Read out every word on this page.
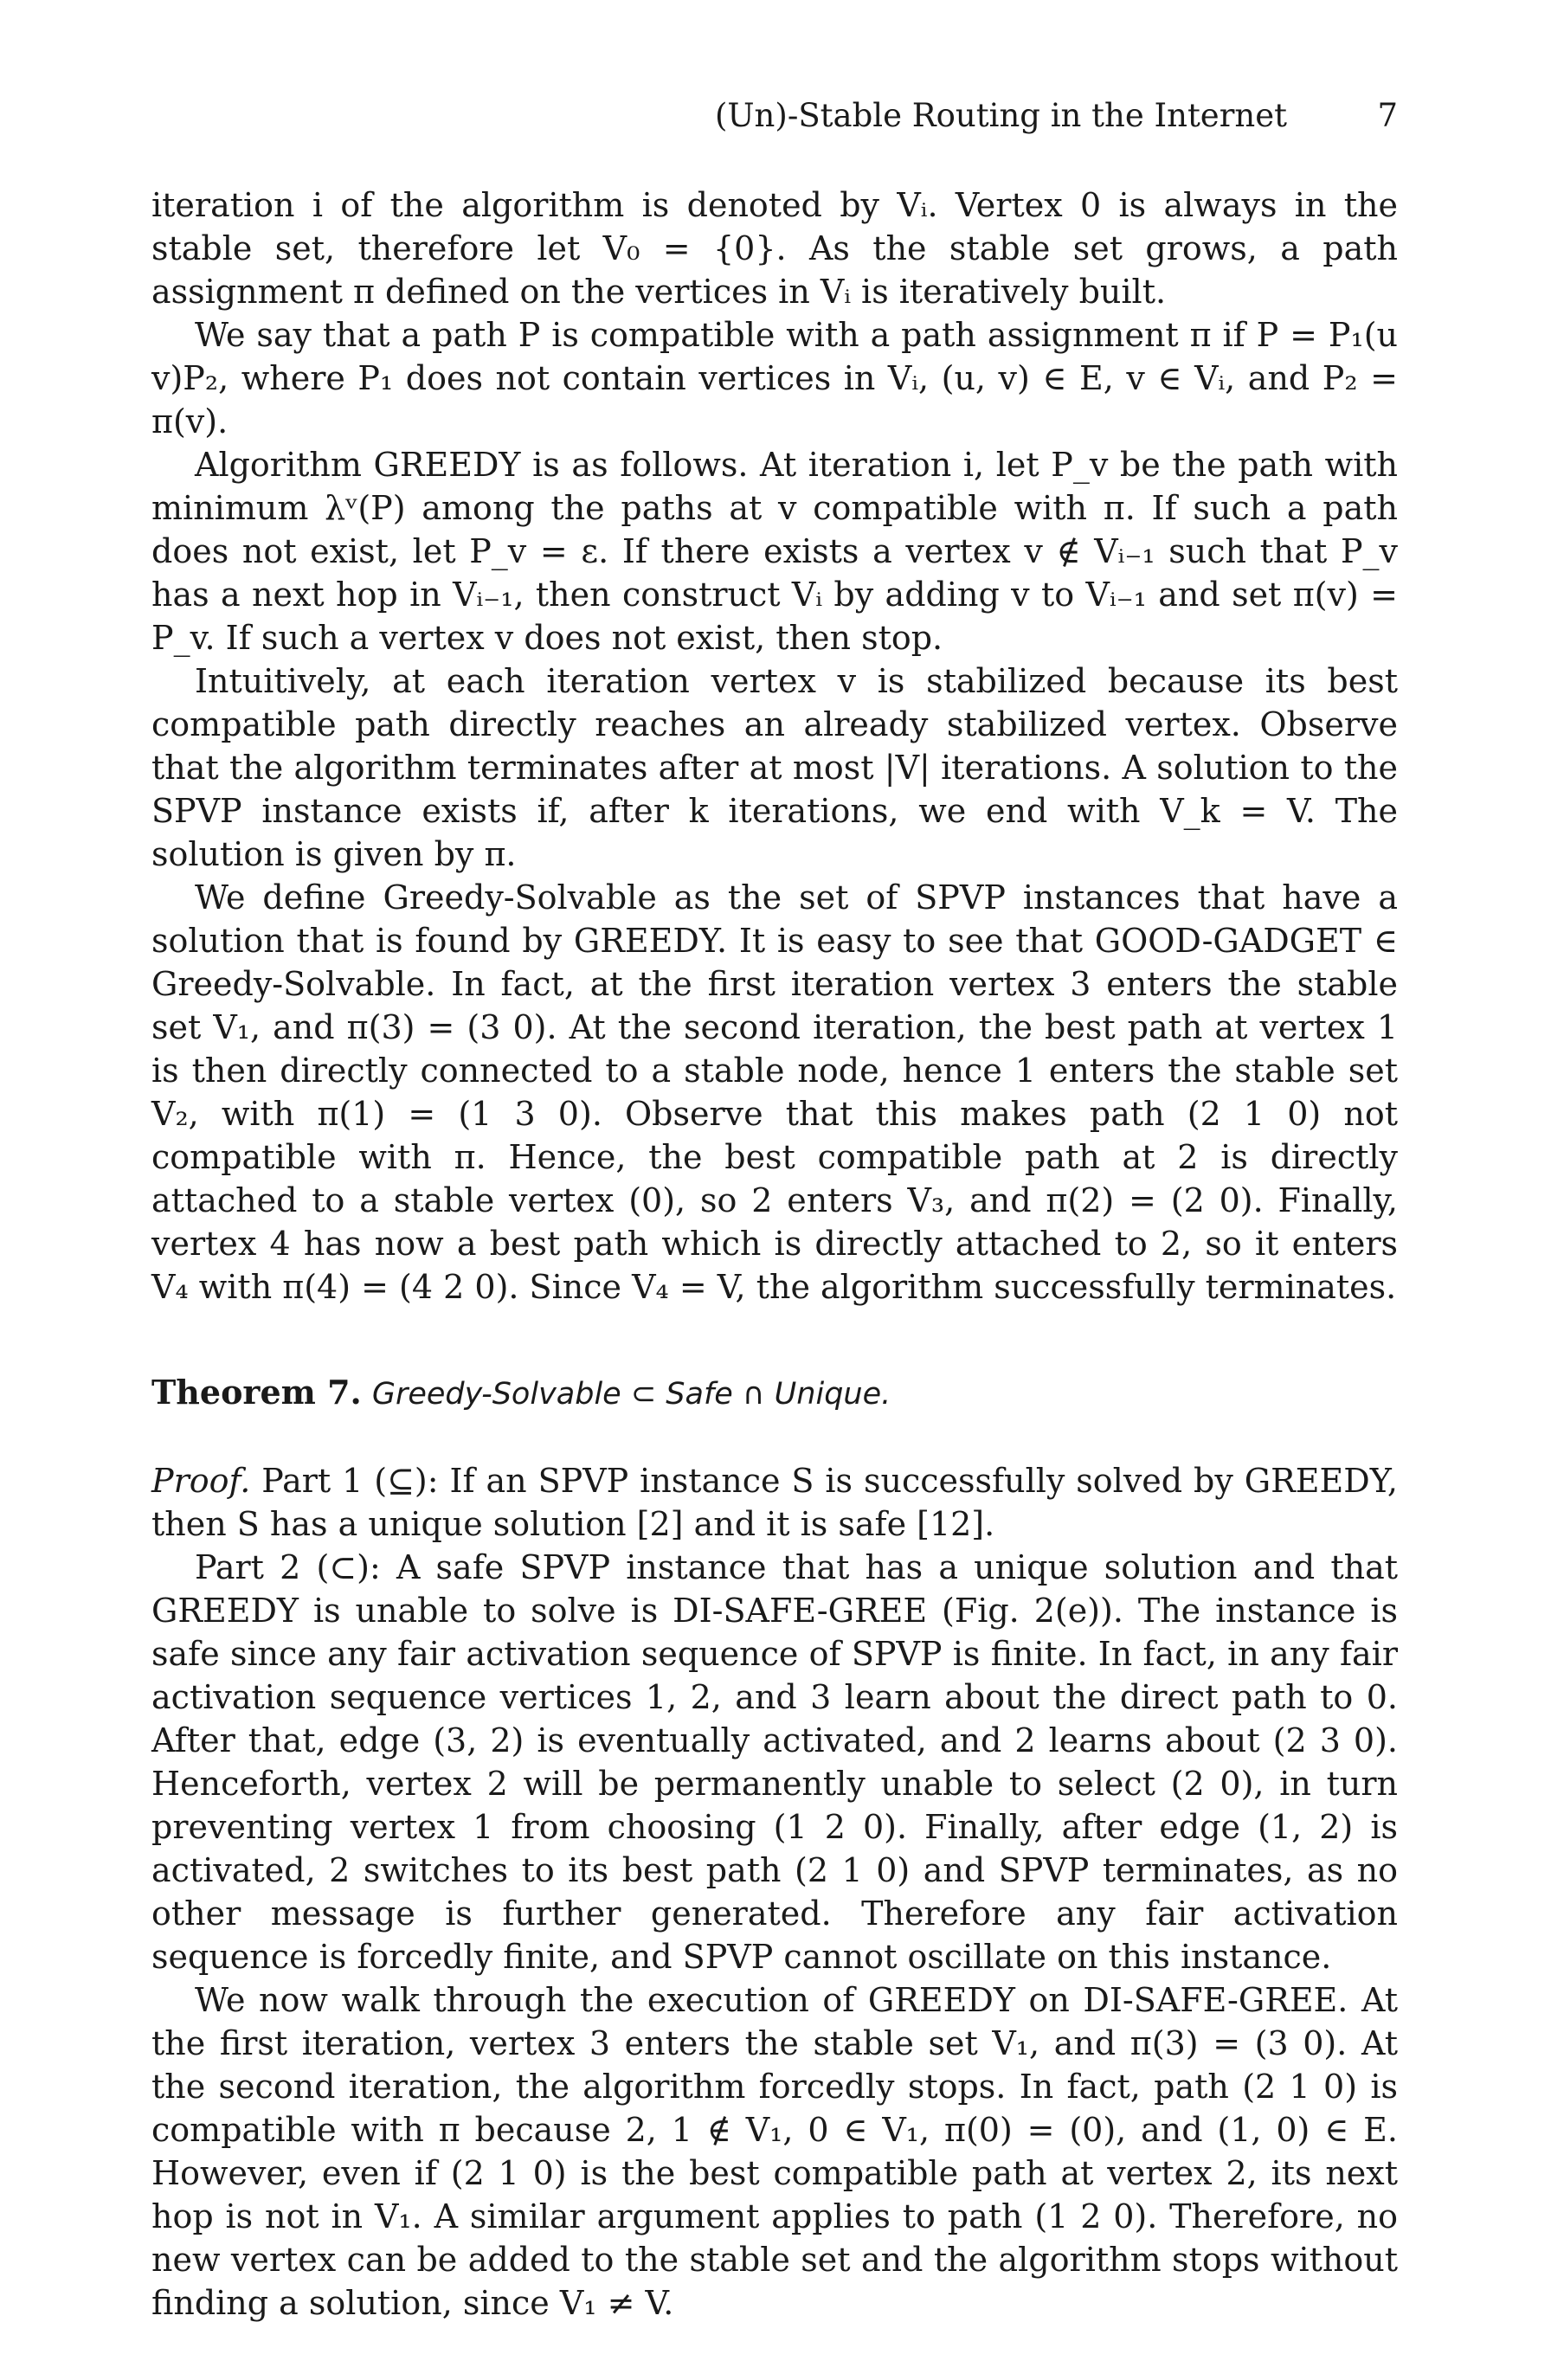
(Un)-Stable Routing in the Internet	7

iteration i of the algorithm is denoted by Vᵢ. Vertex 0 is always in the stable set, therefore let V₀ = {0}. As the stable set grows, a path assignment π defined on the vertices in Vᵢ is iteratively built.

We say that a path P is compatible with a path assignment π if P = P₁(u v)P₂, where P₁ does not contain vertices in Vᵢ, (u, v) ∈ E, v ∈ Vᵢ, and P₂ = π(v).

Algorithm GREEDY is as follows. At iteration i, let P_v be the path with minimum λᵛ(P) among the paths at v compatible with π. If such a path does not exist, let P_v = ε. If there exists a vertex v ∉ Vᵢ₋₁ such that P_v has a next hop in Vᵢ₋₁, then construct Vᵢ by adding v to Vᵢ₋₁ and set π(v) = P_v. If such a vertex v does not exist, then stop.

Intuitively, at each iteration vertex v is stabilized because its best compatible path directly reaches an already stabilized vertex. Observe that the algorithm terminates after at most |V| iterations. A solution to the SPVP instance exists if, after k iterations, we end with V_k = V. The solution is given by π.

We define Greedy-Solvable as the set of SPVP instances that have a solution that is found by GREEDY. It is easy to see that GOOD-GADGET ∈ Greedy-Solvable. In fact, at the first iteration vertex 3 enters the stable set V₁, and π(3) = (3 0). At the second iteration, the best path at vertex 1 is then directly connected to a stable node, hence 1 enters the stable set V₂, with π(1) = (1 3 0). Observe that this makes path (2 1 0) not compatible with π. Hence, the best compatible path at 2 is directly attached to a stable vertex (0), so 2 enters V₃, and π(2) = (2 0). Finally, vertex 4 has now a best path which is directly attached to 2, so it enters V₄ with π(4) = (4 2 0). Since V₄ = V, the algorithm successfully terminates.

Theorem 7. Greedy-Solvable ⊂ Safe ∩ Unique.

Proof. Part 1 (⊆): If an SPVP instance S is successfully solved by GREEDY, then S has a unique solution [2] and it is safe [12].

Part 2 (⊂): A safe SPVP instance that has a unique solution and that GREEDY is unable to solve is DI-SAFE-GREE (Fig. 2(e)). The instance is safe since any fair activation sequence of SPVP is finite. In fact, in any fair activation sequence vertices 1, 2, and 3 learn about the direct path to 0. After that, edge (3, 2) is eventually activated, and 2 learns about (2 3 0). Henceforth, vertex 2 will be permanently unable to select (2 0), in turn preventing vertex 1 from choosing (1 2 0). Finally, after edge (1, 2) is activated, 2 switches to its best path (2 1 0) and SPVP terminates, as no other message is further generated. Therefore any fair activation sequence is forcedly finite, and SPVP cannot oscillate on this instance.

We now walk through the execution of GREEDY on DI-SAFE-GREE. At the first iteration, vertex 3 enters the stable set V₁, and π(3) = (3 0). At the second iteration, the algorithm forcedly stops. In fact, path (2 1 0) is compatible with π because 2, 1 ∉ V₁, 0 ∈ V₁, π(0) = (0), and (1, 0) ∈ E. However, even if (2 1 0) is the best compatible path at vertex 2, its next hop is not in V₁. A similar argument applies to path (1 2 0). Therefore, no new vertex can be added to the stable set and the algorithm stops without finding a solution, since V₁ ≠ V.
